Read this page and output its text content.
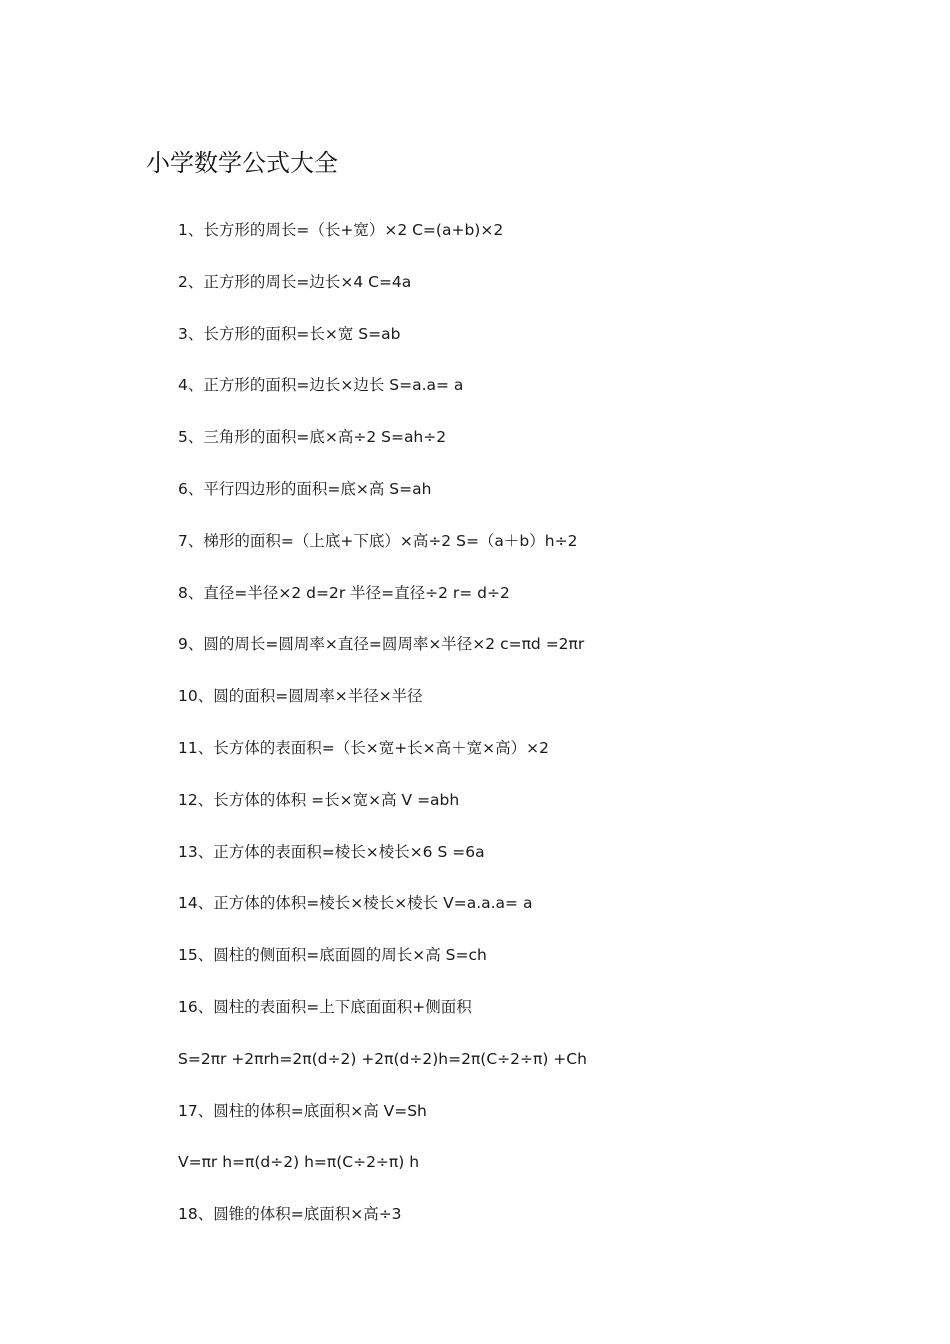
小学数学公式大全
1、长方形的周长=（长+宽）×2 C=(a+b)×2
2、正方形的周长=边长×4 C=4a
3、长方形的面积=长×宽 S=ab
4、正方形的面积=边长×边长 S=a.a= a
5、三角形的面积=底×高÷2 S=ah÷2
6、平行四边形的面积=底×高 S=ah
7、梯形的面积=（上底+下底）×高÷2 S=（a＋b）h÷2
8、直径=半径×2 d=2r 半径=直径÷2 r= d÷2
9、圆的周长=圆周率×直径=圆周率×半径×2 c=πd =2πr
10、圆的面积=圆周率×半径×半径
11、长方体的表面积=（长×宽+长×高＋宽×高）×2
12、长方体的体积 =长×宽×高 V =abh
13、正方体的表面积=棱长×棱长×6 S =6a
14、正方体的体积=棱长×棱长×棱长 V=a.a.a= a
15、圆柱的侧面积=底面圆的周长×高 S=ch
16、圆柱的表面积=上下底面面积+侧面积
S=2πr +2πrh=2π(d÷2) +2π(d÷2)h=2π(C÷2÷π) +Ch
17、圆柱的体积=底面积×高 V=Sh
V=πr h=π(d÷2) h=π(C÷2÷π) h
18、圆锥的体积=底面积×高÷3
